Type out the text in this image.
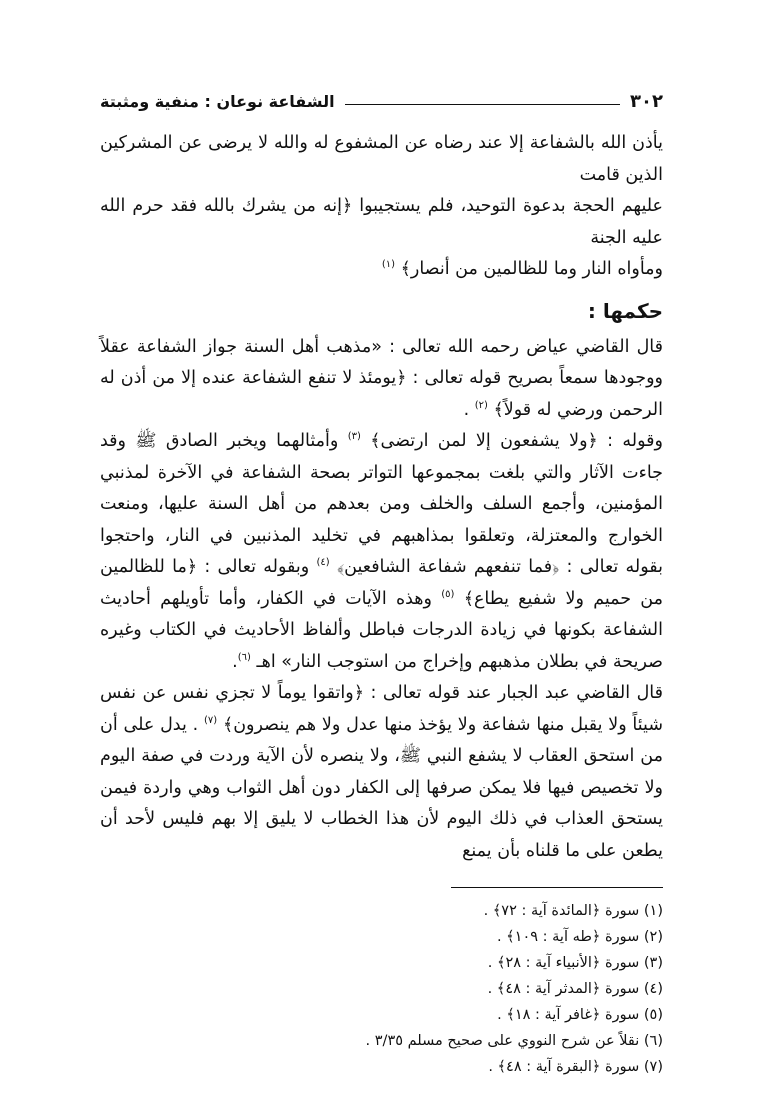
٣٠٢
الشفاعة نوعان : منفية ومثبتة

يأذن الله بالشفاعة إلا عند رضاه عن المشفوع له والله لا يرضى عن المشركين الذين قامت

عليهم الحجة بدعوة التوحيد، فلم يستجيبوا ﴿إنه من يشرك بالله فقد حرم الله عليه الجنة

ومأواه النار وما للظالمين من أنصار﴾ $^{(١)}$

حكمها :

قال القاضي عياض رحمه الله تعالى : «مذهب أهل السنة جواز الشفاعة عقلاً ووجودها سمعاً بصريح قوله تعالى : ﴿يومئذ لا تنفع الشفاعة عنده إلا من أذن له الرحمن ورضي له قولاً﴾ $^{(٢)}$ .

وقوله : ﴿ولا يشفعون إلا لمن ارتضى﴾ $^{(٣)}$ وأمثالهما ويخبر الصادق ﷺ وقد جاءت الآثار والتي بلغت بمجموعها التواتر بصحة الشفاعة في الآخرة لمذنبي المؤمنين، وأجمع السلف والخلف ومن بعدهم من أهل السنة عليها، ومنعت الخوارج والمعتزلة، وتعلقوا بمذاهبهم في تخليد المذنبين في النار، واحتجوا بقوله تعالى : ﴿فما تنفعهم شفاعة الشافعين﴾ $^{(٤)}$ وبقوله تعالى : ﴿ما للظالمين من حميم ولا شفيع يطاع﴾ $^{(٥)}$ وهذه الآيات في الكفار، وأما تأويلهم أحاديث الشفاعة بكونها في زيادة الدرجات فباطل وألفاظ الأحاديث في الكتاب وغيره صريحة في بطلان مذهبهم وإخراج من استوجب النار» اهـ $^{(٦)}$.

قال القاضي عبد الجبار عند قوله تعالى : ﴿واتقوا يوماً لا تجزي نفس عن نفس شيئاً ولا يقبل منها شفاعة ولا يؤخذ منها عدل ولا هم ينصرون﴾ $^{(٧)}$ . يدل على أن من استحق العقاب لا يشفع النبي ﷺ، ولا ينصره لأن الآية وردت في صفة اليوم ولا تخصيص فيها فلا يمكن صرفها إلى الكفار دون أهل الثواب وهي واردة فيمن يستحق العذاب في ذلك اليوم لأن هذا الخطاب لا يليق إلا بهم فليس لأحد أن يطعن على ما قلناه بأن يمنع

(١) سورة ﴿المائدة آية : ٧٢﴾ .
(٢) سورة ﴿طه آية : ١٠٩﴾ .
(٣) سورة ﴿الأنبياء آية : ٢٨﴾ .
(٤) سورة ﴿المدثر آية : ٤٨﴾ .
(٥) سورة ﴿غافر آية : ١٨﴾ .
(٦) نقلاً عن شرح النووي على صحيح مسلم ٣/٣٥ .
(٧) سورة ﴿البقرة آية : ٤٨﴾ .
